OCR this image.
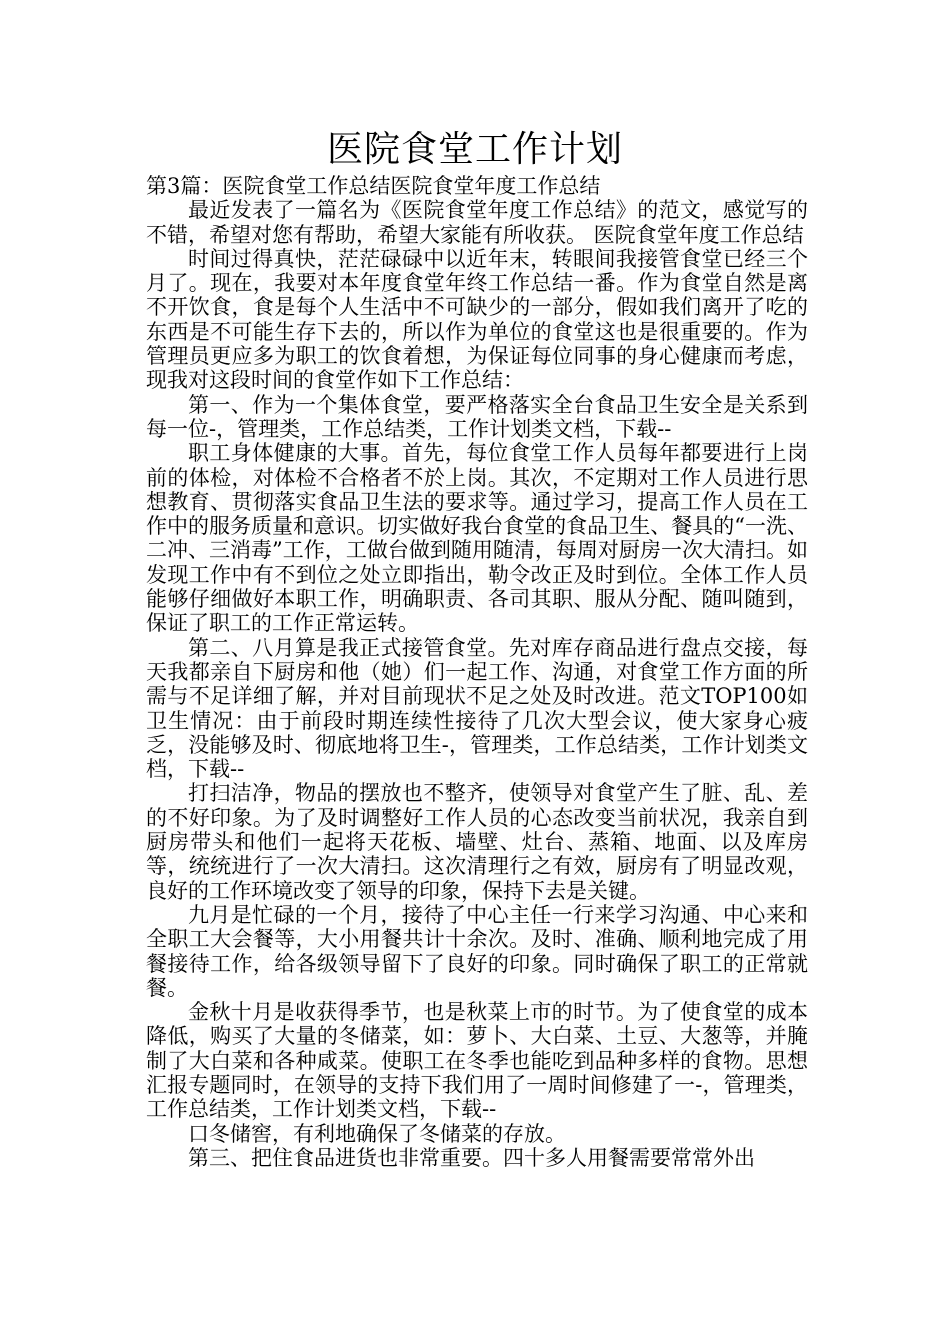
医院食堂工作计划

第3篇：医院食堂工作总结医院食堂年度工作总结

最近发表了一篇名为《医院食堂年度工作总结》的范文，感觉写的不错，希望对您有帮助，希望大家能有所收获。 医院食堂年度工作总结

时间过得真快，茫茫碌碌中以近年末，转眼间我接管食堂已经三个月了。现在，我要对本年度食堂年终工作总结一番。作为食堂自然是离不开饮食，食是每个人生活中不可缺少的一部分，假如我们离开了吃的东西是不可能生存下去的，所以作为单位的食堂这也是很重要的。作为管理员更应多为职工的饮食着想，为保证每位同事的身心健康而考虑，现我对这段时间的食堂作如下工作总结：

第一、作为一个集体食堂，要严格落实全台食品卫生安全是关系到每一位-，管理类，工作总结类，工作计划类文档，下载--

职工身体健康的大事。首先，每位食堂工作人员每年都要进行上岗前的体检，对体检不合格者不於上岗。其次，不定期对工作人员进行思想教育、贯彻落实食品卫生法的要求等。通过学习，提高工作人员在工作中的服务质量和意识。切实做好我台食堂的食品卫生、餐具的“一洗、二冲、三消毒”工作，工做台做到随用随清，每周对厨房一次大清扫。如发现工作中有不到位之处立即指出，勒令改正及时到位。全体工作人员能够仔细做好本职工作，明确职责、各司其职、服从分配、随叫随到，保证了职工的工作正常运转。

第二、八月算是我正式接管食堂。先对库存商品进行盘点交接，每天我都亲自下厨房和他（她）们一起工作、沟通，对食堂工作方面的所需与不足详细了解，并对目前现状不足之处及时改进。范文TOP100如卫生情况：由于前段时期连续性接待了几次大型会议，使大家身心疲乏，没能够及时、彻底地将卫生-，管理类，工作总结类，工作计划类文档，下载--

打扫洁净，物品的摆放也不整齐，使领导对食堂产生了脏、乱、差的不好印象。为了及时调整好工作人员的心态改变当前状况，我亲自到厨房带头和他们一起将天花板、墙壁、灶台、蒸箱、地面、以及库房等，统统进行了一次大清扫。这次清理行之有效，厨房有了明显改观，良好的工作环境改变了领导的印象，保持下去是关键。

九月是忙碌的一个月，接待了中心主任一行来学习沟通、中心来和全职工大会餐等，大小用餐共计十余次。及时、准确、顺利地完成了用餐接待工作，给各级领导留下了良好的印象。同时确保了职工的正常就餐。

金秋十月是收获得季节，也是秋菜上市的时节。为了使食堂的成本降低，购买了大量的冬储菜，如：萝卜、大白菜、土豆、大葱等，并腌制了大白菜和各种咸菜。使职工在冬季也能吃到品种多样的食物。思想汇报专题同时，在领导的支持下我们用了一周时间修建了一-，管理类，工作总结类，工作计划类文档，下载--

口冬储窖，有利地确保了冬储菜的存放。

第三、把住食品进货也非常重要。四十多人用餐需要常常外出
